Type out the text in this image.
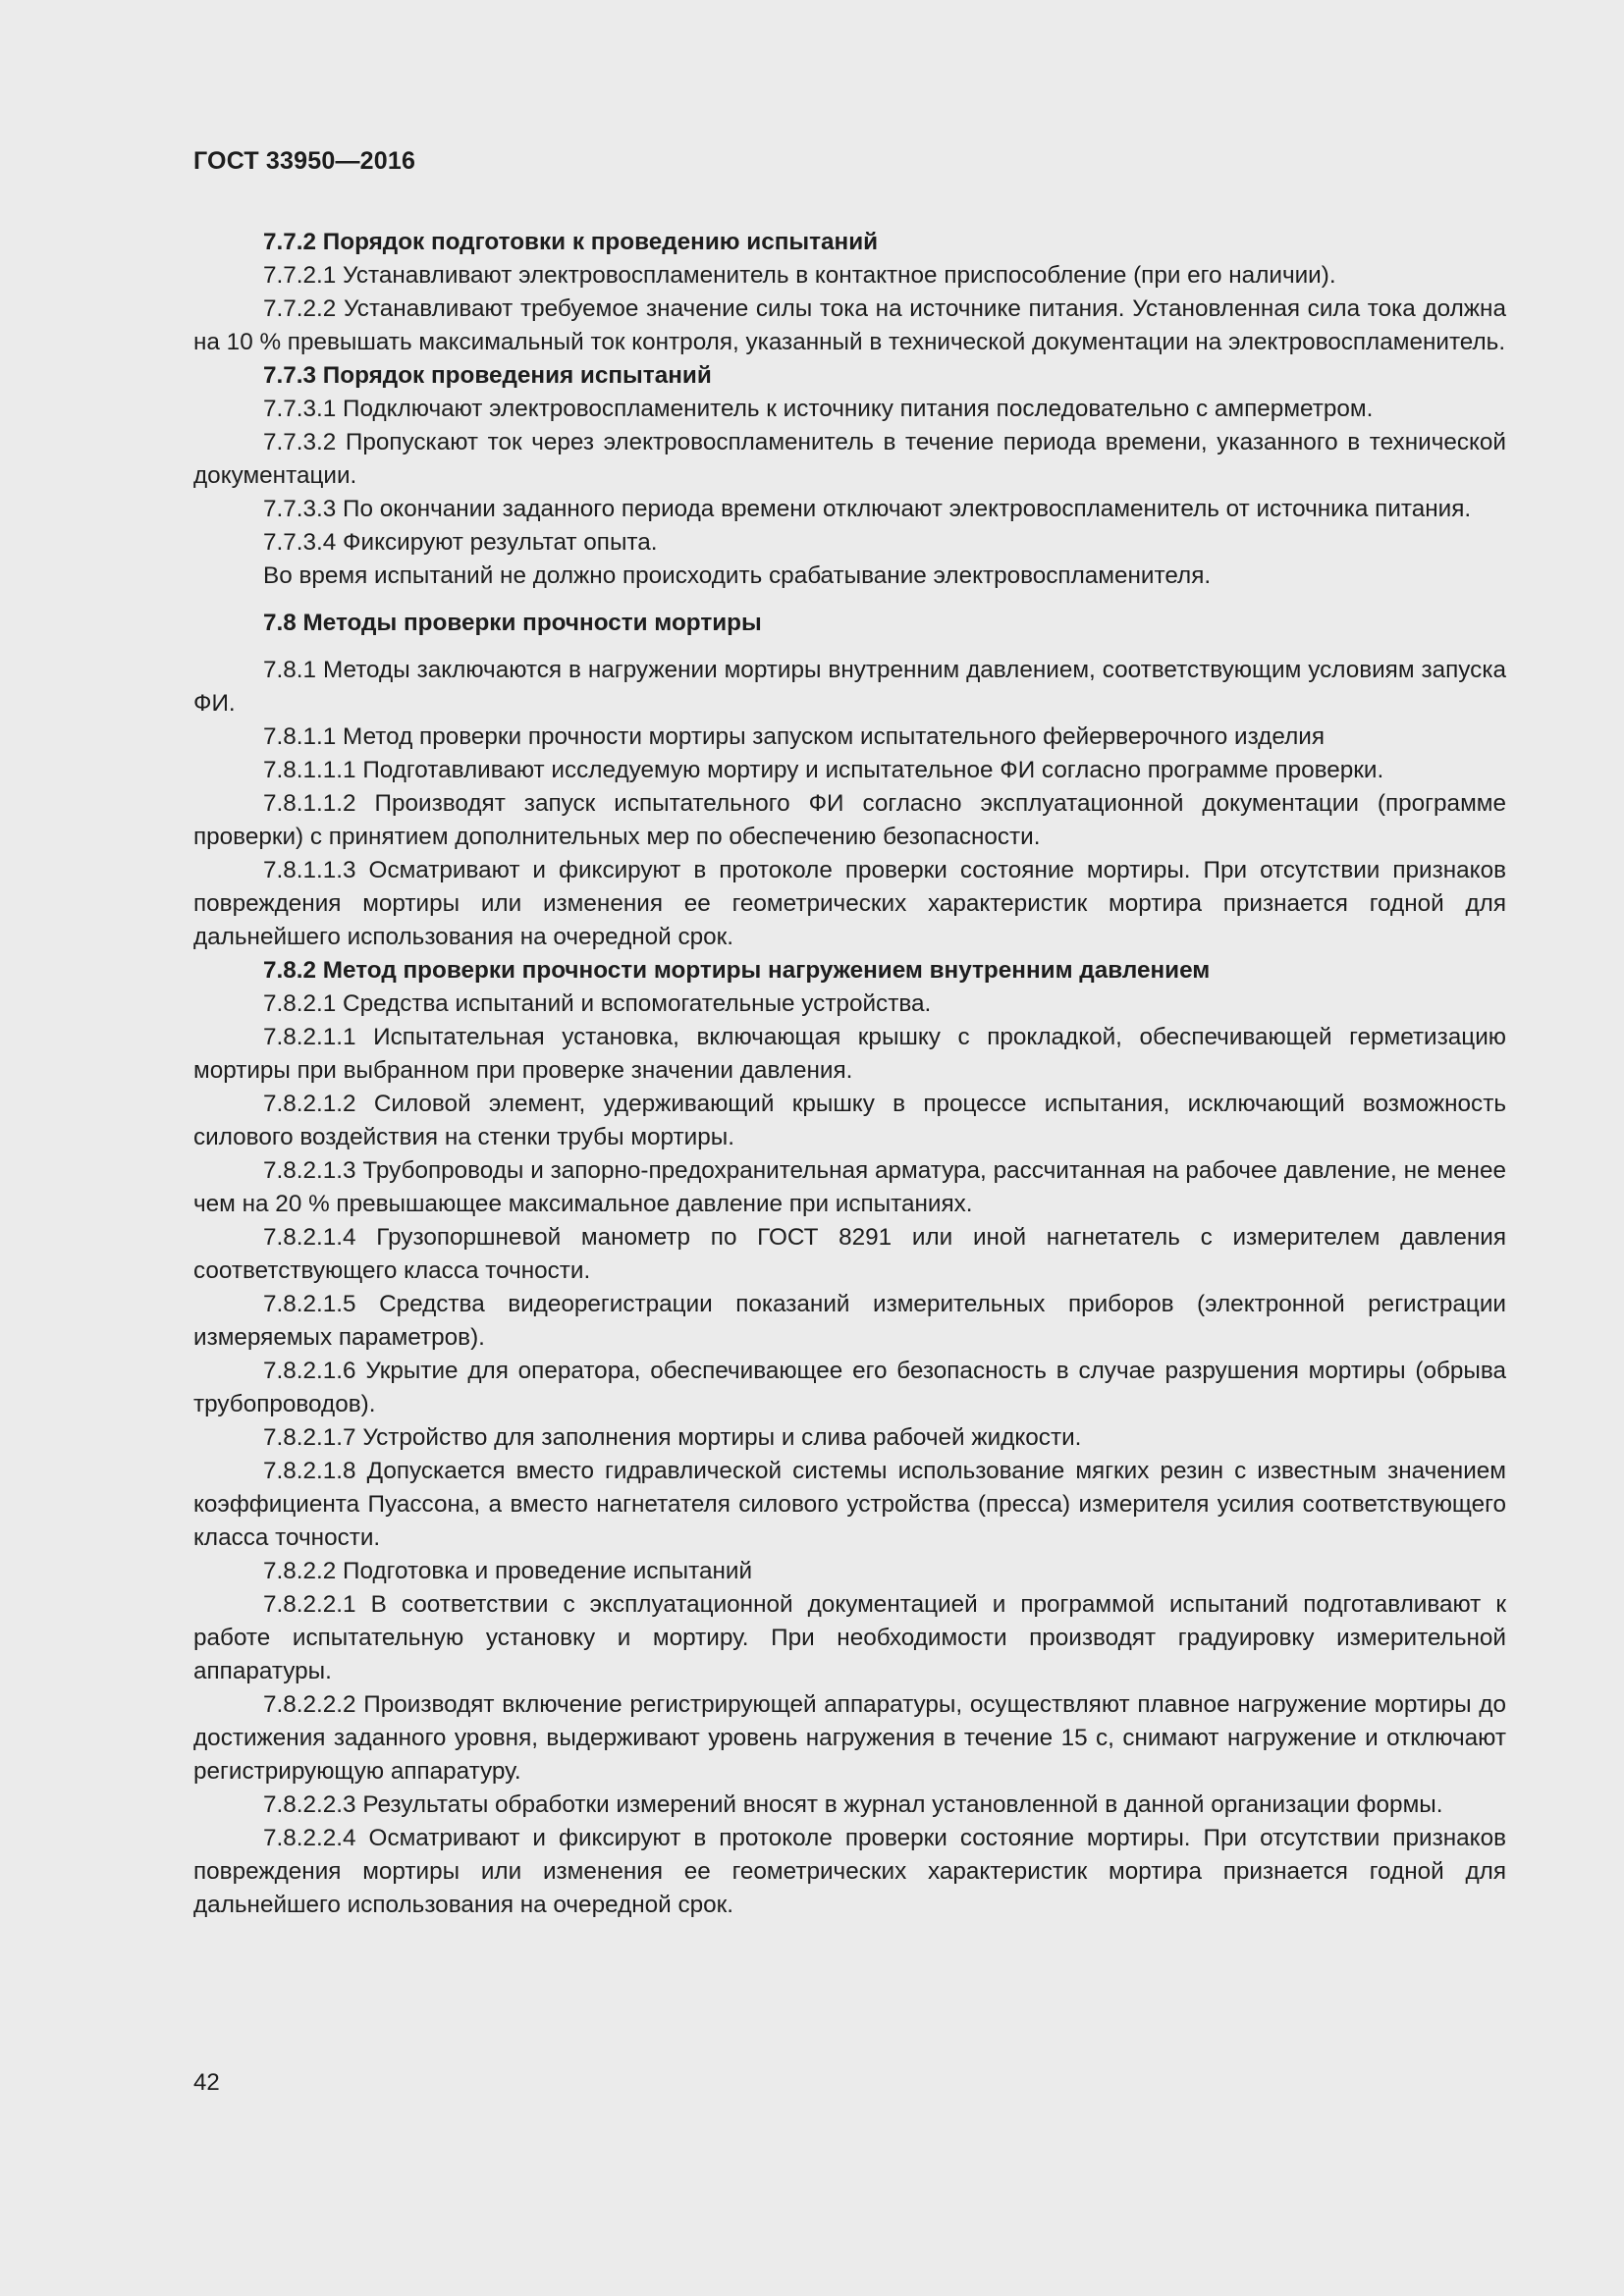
ГОСТ 33950—2016

7.7.2 Порядок подготовки к проведению испытаний

7.7.2.1 Устанавливают электровоспламенитель в контактное приспособление (при его наличии).

7.7.2.2 Устанавливают требуемое значение силы тока на источнике питания. Установленная сила тока должна на 10 % превышать максимальный ток контроля, указанный в технической документации на электровоспламенитель.

7.7.3 Порядок проведения испытаний

7.7.3.1 Подключают электровоспламенитель к источнику питания последовательно с амперметром.

7.7.3.2 Пропускают ток через электровоспламенитель в течение периода времени, указанного в технической документации.

7.7.3.3 По окончании заданного периода времени отключают электровоспламенитель от источника питания.

7.7.3.4 Фиксируют результат опыта.

Во время испытаний не должно происходить срабатывание электровоспламенителя.

7.8 Методы проверки прочности мортиры

7.8.1 Методы заключаются в нагружении мортиры внутренним давлением, соответствующим условиям запуска ФИ.

7.8.1.1 Метод проверки прочности мортиры запуском испытательного фейерверочного изделия

7.8.1.1.1 Подготавливают исследуемую мортиру и испытательное ФИ согласно программе проверки.

7.8.1.1.2 Производят запуск испытательного ФИ согласно эксплуатационной документации (программе проверки) с принятием дополнительных мер по обеспечению безопасности.

7.8.1.1.3 Осматривают и фиксируют в протоколе проверки состояние мортиры. При отсутствии признаков повреждения мортиры или изменения ее геометрических характеристик мортира признается годной для дальнейшего использования на очередной срок.

7.8.2 Метод проверки прочности мортиры нагружением внутренним давлением

7.8.2.1 Средства испытаний и вспомогательные устройства.

7.8.2.1.1 Испытательная установка, включающая крышку с прокладкой, обеспечивающей герметизацию мортиры при выбранном при проверке значении давления.

7.8.2.1.2 Силовой элемент, удерживающий крышку в процессе испытания, исключающий возможность силового воздействия на стенки трубы мортиры.

7.8.2.1.3 Трубопроводы и запорно-предохранительная арматура, рассчитанная на рабочее давление, не менее чем на 20 % превышающее максимальное давление при испытаниях.

7.8.2.1.4 Грузопоршневой манометр по ГОСТ 8291 или иной нагнетатель с измерителем давления соответствующего класса точности.

7.8.2.1.5 Средства видеорегистрации показаний измерительных приборов (электронной регистрации измеряемых параметров).

7.8.2.1.6 Укрытие для оператора, обеспечивающее его безопасность в случае разрушения мортиры (обрыва трубопроводов).

7.8.2.1.7 Устройство для заполнения мортиры и слива рабочей жидкости.

7.8.2.1.8 Допускается вместо гидравлической системы использование мягких резин с известным значением коэффициента Пуассона, а вместо нагнетателя силового устройства (пресса) измерителя усилия соответствующего класса точности.

7.8.2.2 Подготовка и проведение испытаний

7.8.2.2.1 В соответствии с эксплуатационной документацией и программой испытаний подготавливают к работе испытательную установку и мортиру. При необходимости производят градуировку измерительной аппаратуры.

7.8.2.2.2 Производят включение регистрирующей аппаратуры, осуществляют плавное нагружение мортиры до достижения заданного уровня, выдерживают уровень нагружения в течение 15 с, снимают нагружение и отключают регистрирующую аппаратуру.

7.8.2.2.3 Результаты обработки измерений вносят в журнал установленной в данной организации формы.

7.8.2.2.4 Осматривают и фиксируют в протоколе проверки состояние мортиры. При отсутствии признаков повреждения мортиры или изменения ее геометрических характеристик мортира признается годной для дальнейшего использования на очередной срок.

42
